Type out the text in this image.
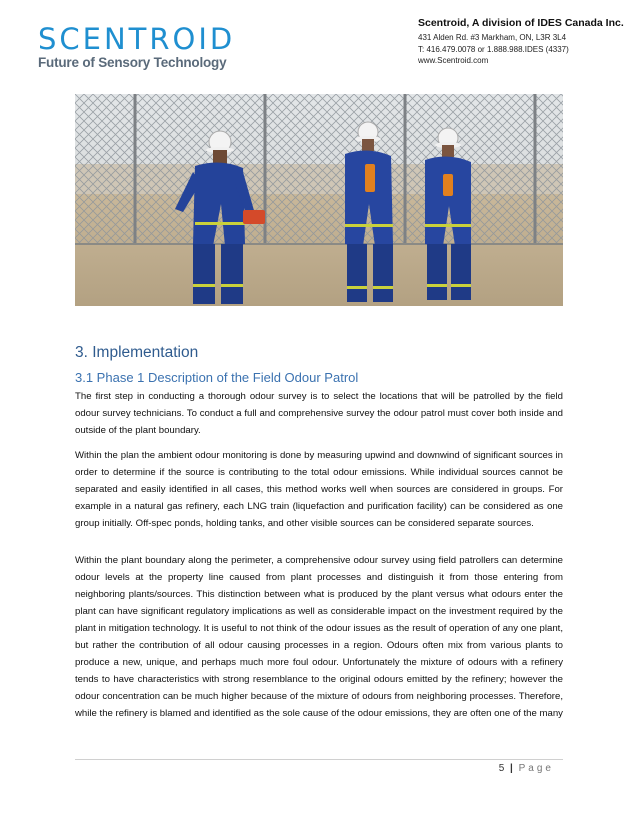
SCENTROID
Future of Sensory Technology
Scentroid, A division of IDES Canada Inc.
431 Alden Rd. #3 Markham, ON, L3R 3L4
T: 416.479.0078 or 1.888.988.IDES (4337)
www.Scentroid.com
3. Implementation
3.1 Phase 1 Description of the Field Odour Patrol

The first step in conducting a thorough odour survey is to select the locations that will be patrolled by the field odour survey technicians. To conduct a full and comprehensive survey the odour patrol must cover both inside and outside of the plant boundary.

Within the plan the ambient odour monitoring is done by measuring upwind and downwind of significant sources in order to determine if the source is contributing to the total odour emissions. While individual sources cannot be separated and easily identified in all cases, this method works well when sources are considered in groups. For example in a natural gas refinery, each LNG train (liquefaction and purification facility) can be considered as one group initially. Off-spec ponds, holding tanks, and other visible sources can be considered separate sources.

Within the plant boundary along the perimeter, a comprehensive odour survey using field patrollers can determine odour levels at the property line caused from plant processes and distinguish it from those entering from neighboring plants/sources. This distinction between what is produced by the plant versus what odours enter the plant can have significant regulatory implications as well as considerable impact on the investment required by the plant in mitigation technology. It is useful to not think of the odour issues as the result of operation of any one plant, but rather the contribution of all odour causing processes in a region. Odours often mix from various plants to produce a new, unique, and perhaps much more foul odour. Unfortunately the mixture of odours with a refinery tends to have characteristics with strong resemblance to the original odours emitted by the refinery; however the odour concentration can be much higher because of the mixture of odours from neighboring processes. Therefore, while the refinery is blamed and identified as the sole cause of the odour emissions, they are often one of the many

5 | Page
